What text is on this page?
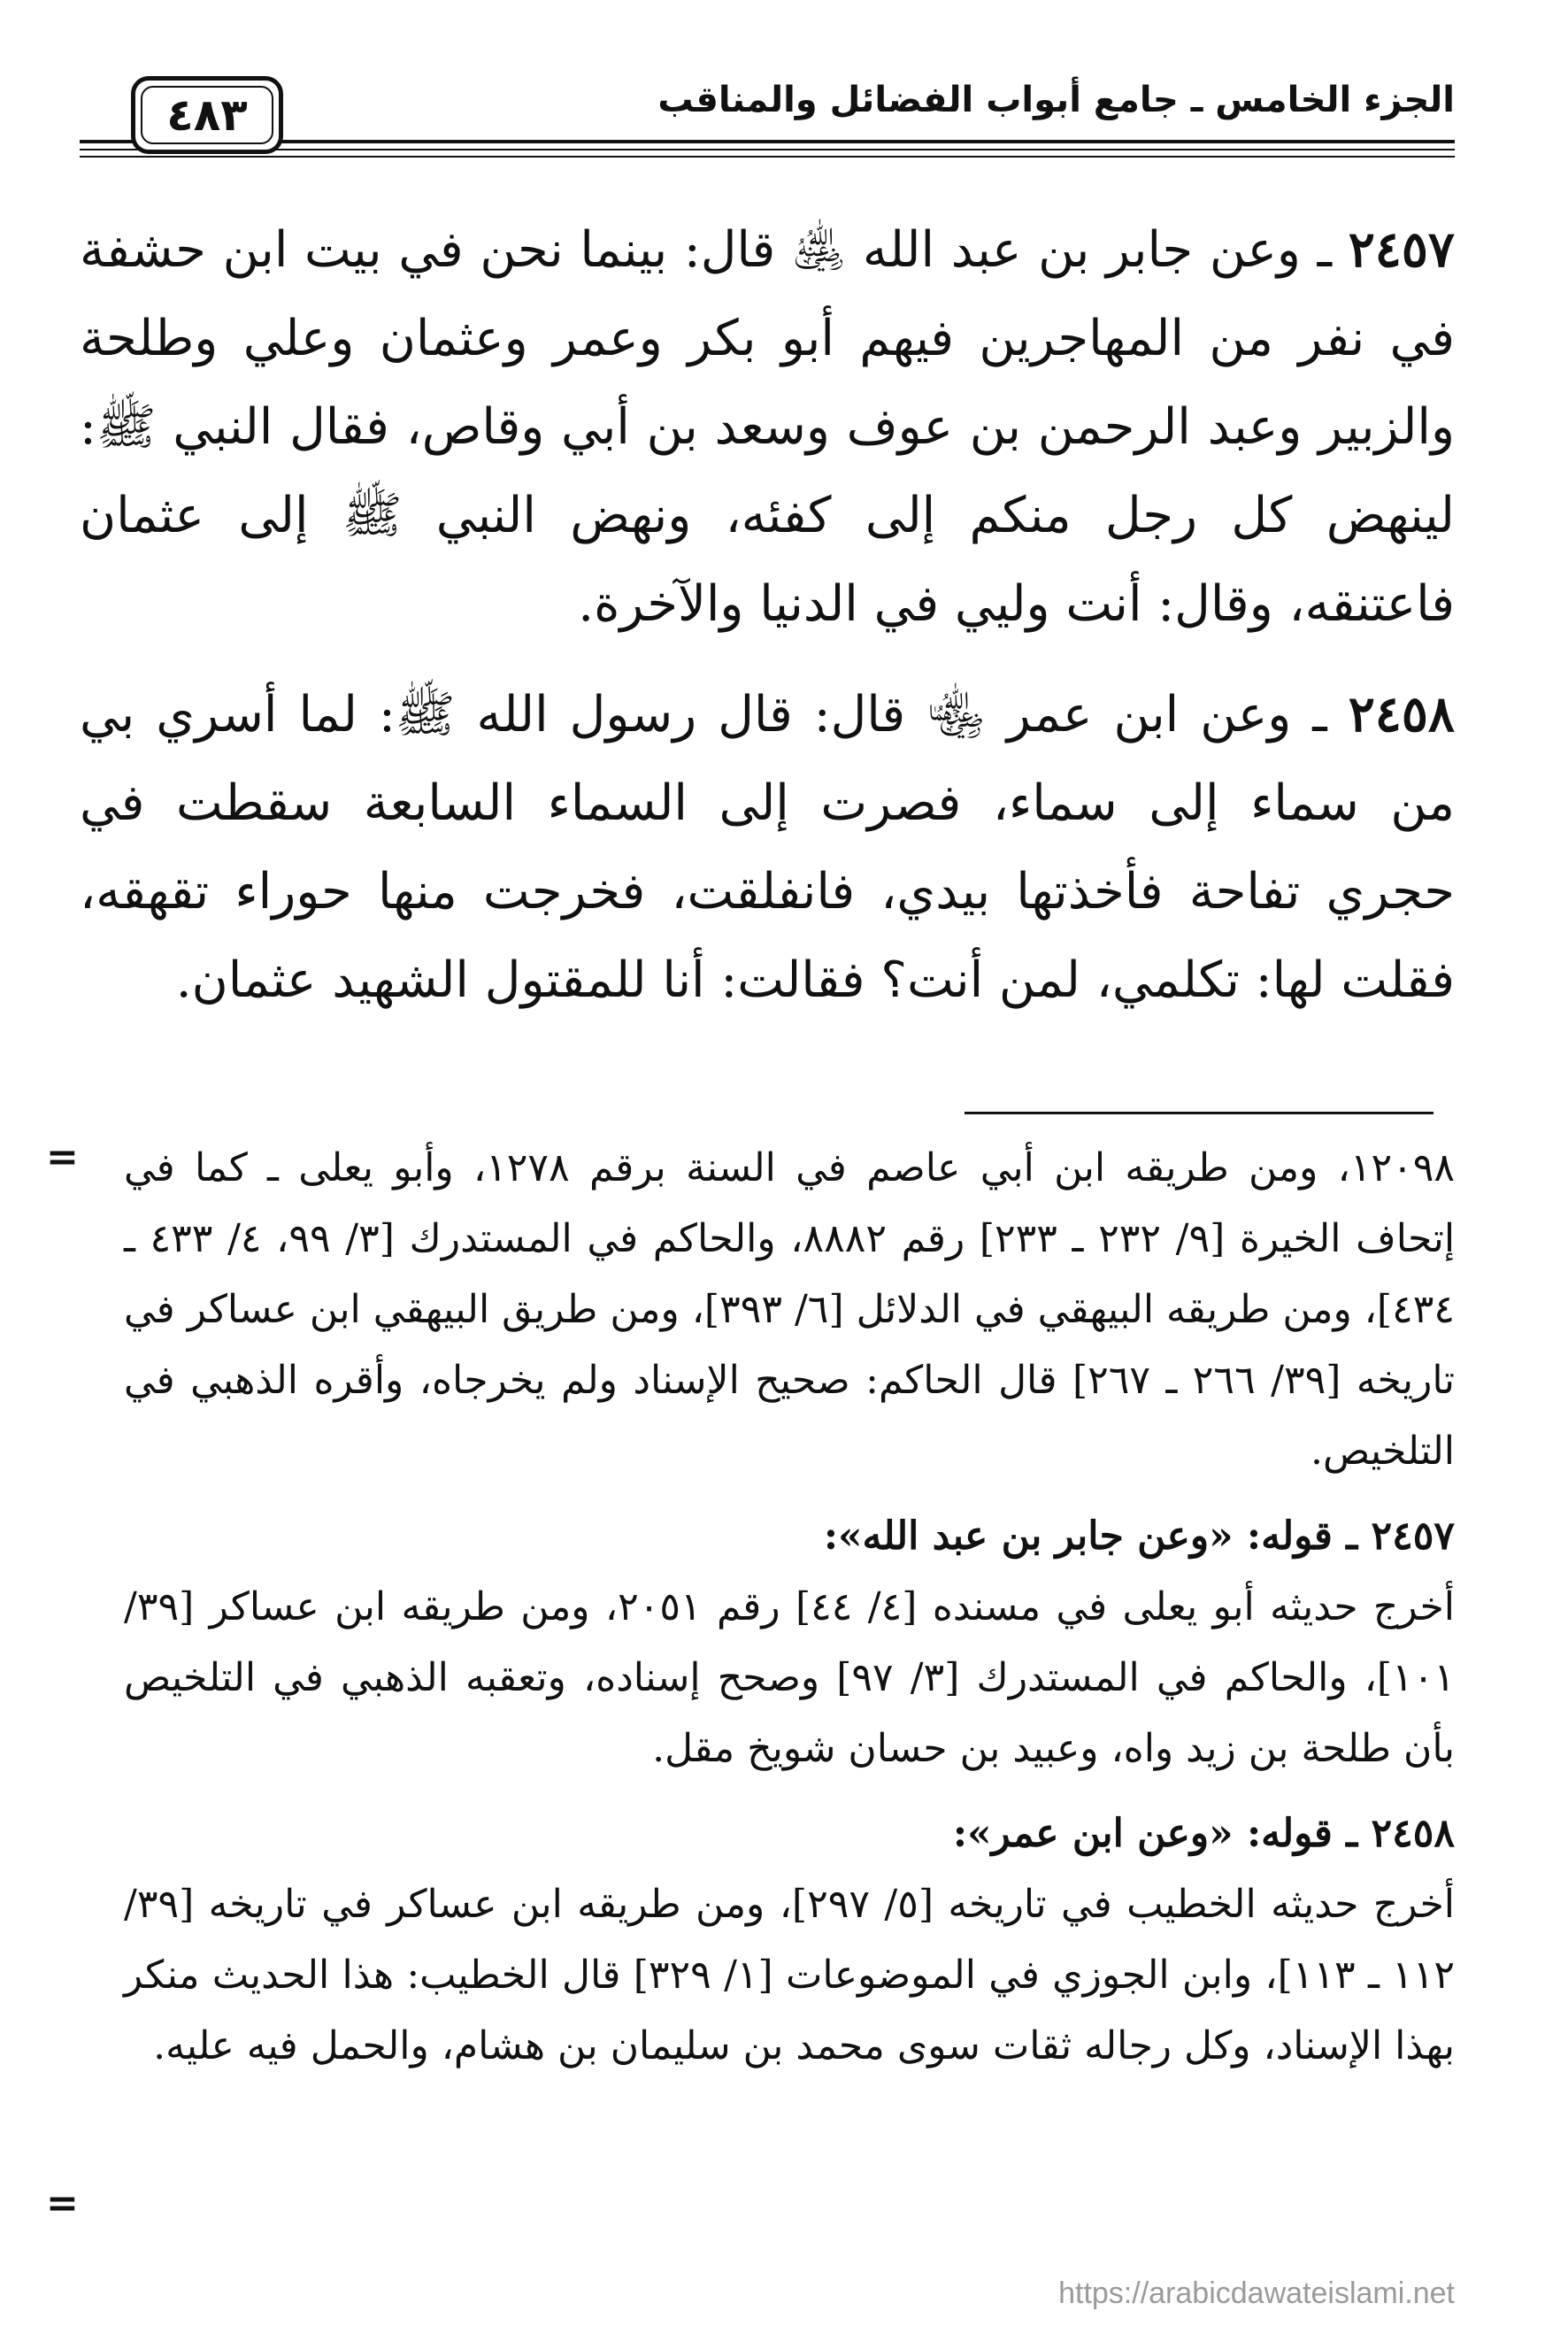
الجزء الخامس ـ جامع أبواب الفضائل والمناقب
٤٨٣

٢٤٥٧ ـ وعن جابر بن عبد الله ﵁ قال: بينما نحن في بيت ابن حشفة في نفر من المهاجرين فيهم أبو بكر وعمر وعثمان وعلي وطلحة والزبير وعبد الرحمن بن عوف وسعد بن أبي وقاص، فقال النبي ﷺ: لينهض كل رجل منكم إلى كفئه، ونهض النبي ﷺ إلى عثمان فاعتنقه، وقال: أنت وليي في الدنيا والآخرة.

٢٤٥٨ ـ وعن ابن عمر ﵄ قال: قال رسول الله ﷺ: لما أسري بي من سماء إلى سماء، فصرت إلى السماء السابعة سقطت في حجري تفاحة فأخذتها بيدي، فانفلقت، فخرجت منها حوراء تقهقه، فقلت لها: تكلمي، لمن أنت؟ فقالت: أنا للمقتول الشهيد عثمان.

= ١٢٠٩٨، ومن طريقه ابن أبي عاصم في السنة برقم ١٢٧٨، وأبو يعلى ـ كما في إتحاف الخيرة [٩/ ٢٣٢ ـ ٢٣٣] رقم ٨٨٨٢، والحاكم في المستدرك [٣/ ٩٩، ٤/ ٤٣٣ ـ ٤٣٤]، ومن طريقه البيهقي في الدلائل [٦/ ٣٩٣]، ومن طريق البيهقي ابن عساكر في تاريخه [٣٩/ ٢٦٦ ـ ٢٦٧] قال الحاكم: صحيح الإسناد ولم يخرجاه، وأقره الذهبي في التلخيص.

٢٤٥٧ ـ قوله: «وعن جابر بن عبد الله»:

أخرج حديثه أبو يعلى في مسنده [٤/ ٤٤] رقم ٢٠٥١، ومن طريقه ابن عساكر [٣٩/ ١٠١]، والحاكم في المستدرك [٣/ ٩٧] وصحح إسناده، وتعقبه الذهبي في التلخيص بأن طلحة بن زيد واه، وعبيد بن حسان شويخ مقل.

٢٤٥٨ ـ قوله: «وعن ابن عمر»:

أخرج حديثه الخطيب في تاريخه [٥/ ٢٩٧]، ومن طريقه ابن عساكر في تاريخه [٣٩/ ١١٢ ـ ١١٣]، وابن الجوزي في الموضوعات [١/ ٣٢٩] قال الخطيب: هذا الحديث منكر بهذا الإسناد، وكل رجاله ثقات سوى محمد بن سليمان بن هشام، والحمل فيه عليه.

=
https://arabicdawateislami.net
